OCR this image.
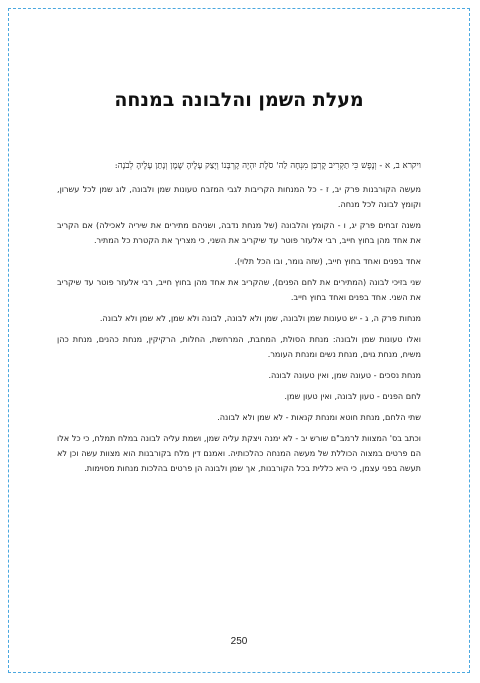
מעלת השמן והלבונה במנחה

ויקרא ב, א - וְנֶפֶשׁ כִּי תַקְרִיב קָרְבַּן מִנְחָה לַה' סֹלֶת יִהְיֶה קָרְבָּנוֹ וְיָצַק עָלֶיהָ שֶׁמֶן וְנָתַן עָלֶיהָ לְבֹנָה:

מעשה הקורבנות פרק יב, ז - כל המנחות הקריבות לגבי המזבח טעונות שמן ולבונה, לוג שמן לכל עשרון, וקומץ לבונה לכל מנחה.

משנה זבחים פרק יג, ו - הקומץ והלבונה (של מנחת נדבה, ושניהם מתירים את שיריה לאכילה) אם הקריב את אחד מהן בחוץ חייב, רבי אלעזר פוטר עד שיקריב את השני, כי מצריך את הקטרת כל המתיר.

אחד בפנים ואחד בחוץ חייב, (שזה גומר, ובו הכל תלוי).

שני בזיכי לבונה (המתירים את לחם הפנים), שהקריב את אחד מהן בחוץ חייב, רבי אלעזר פוטר עד שיקריב את השני. אחד בפנים ואחד בחוץ חייב.

מנחות פרק ה, ג - יש טעונות שמן ולבונה, שמן ולא לבונה, לבונה ולא שמן, לא שמן ולא לבונה.

ואלו טעונות שמן ולבונה: מנחת הסולת, המחבת, המרחשת, החלות, הרקיקין, מנחת כהנים, מנחת כהן משיח, מנחת גוים, מנחת נשים ומנחת העומר.

מנחת נסכים - טעונה שמן, ואין טעונה לבונה.

לחם הפנים - טעון לבונה, ואין טעון שמן.

שתי הלחם, מנחת חוטא ומנחת קנאות - לא שמן ולא לבונה.

וכתב בס' המצוות לרמב"ם שורש יב - לא ימנה ויצקת עליה שמן, ושמת עליה לבונה במלח תמלח, כי כל אלו הם פרטים במצוה הכוללת של מעשה המנחה כהלכותיה. ואמנם דין מלח בקורבנות הוא מצוות עשה וכן לא תעשה בפני עצמן, כי היא כללית בכל הקורבנות, אך שמן ולבונה הן פרטים בהלכות מנחות מסוימות.

250
